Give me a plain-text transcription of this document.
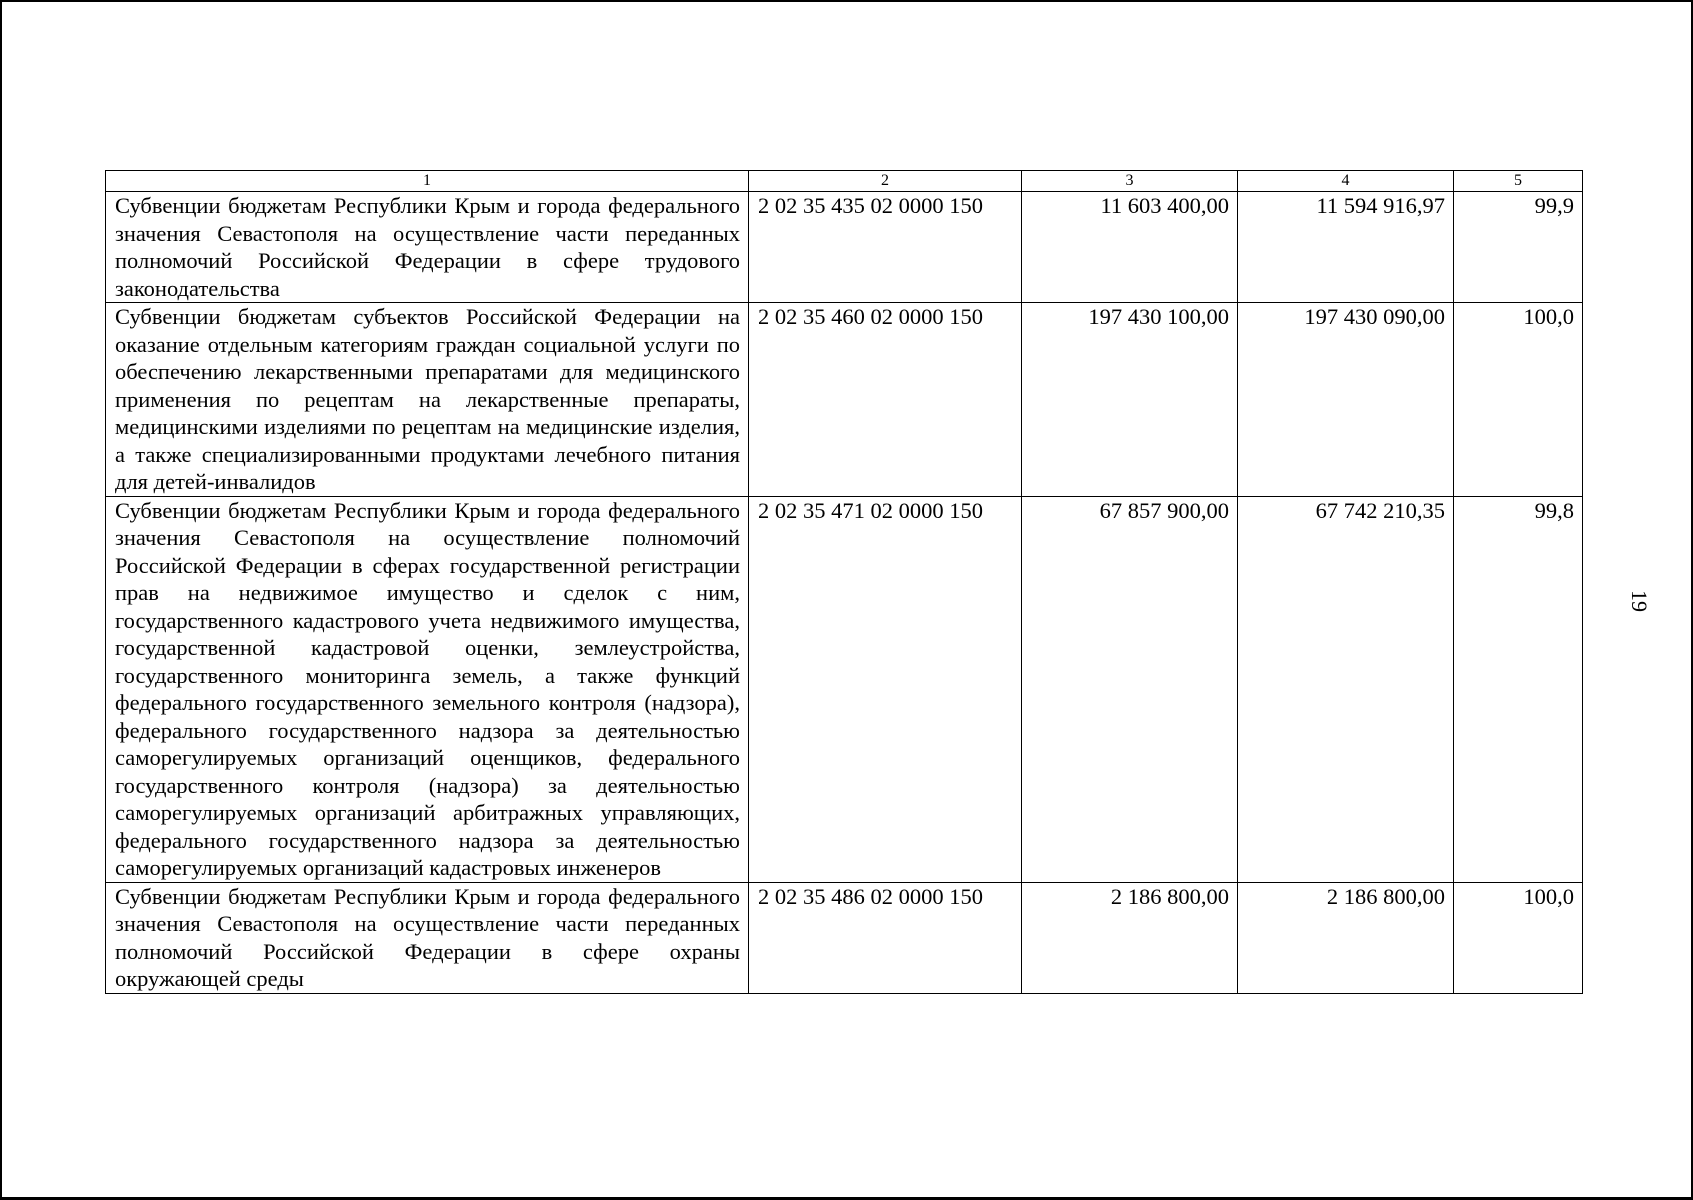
1	2	3	4	5
Субвенции бюджетам Республики Крым и города федерального значения Севастополя на осуществление части переданных полномочий Российской Федерации в сфере трудового законодательства	2 02 35 435 02 0000 150	11 603 400,00	11 594 916,97	99,9
Субвенции бюджетам субъектов Российской Федерации на оказание отдельным категориям граждан социальной услуги по обеспечению лекарственными препаратами для медицинского применения по рецептам на лекарственные препараты, медицинскими изделиями по рецептам на медицинские изделия, а также специализированными продуктами лечебного питания для детей-инвалидов	2 02 35 460 02 0000 150	197 430 100,00	197 430 090,00	100,0
Субвенции бюджетам Республики Крым и города федерального значения Севастополя на осуществление полномочий Российской Федерации в сферах государственной регистрации прав на недвижимое имущество и сделок с ним, государственного кадастрового учета недвижимого имущества, государственной кадастровой оценки, землеустройства, государственного мониторинга земель, а также функций федерального государственного земельного контроля (надзора), федерального государственного надзора за деятельностью саморегулируемых организаций оценщиков, федерального государственного контроля (надзора) за деятельностью саморегулируемых организаций арбитражных управляющих, федерального государственного надзора за деятельностью саморегулируемых организаций кадастровых инженеров	2 02 35 471 02 0000 150	67 857 900,00	67 742 210,35	99,8
Субвенции бюджетам Республики Крым и города федерального значения Севастополя на осуществление части переданных полномочий Российской Федерации в сфере охраны окружающей среды	2 02 35 486 02 0000 150	2 186 800,00	2 186 800,00	100,0
19
